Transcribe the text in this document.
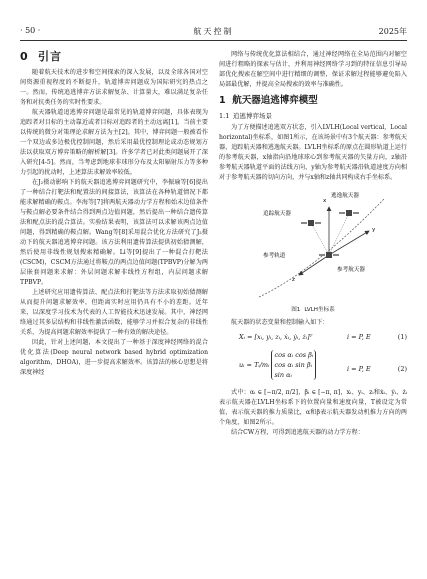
· 50 ·	航天控制	2025年
0 引言

随着航天技术的进步和空间探索的深入发展，以及全球各国对空间资源重视程度的不断提升，轨道博弈问题成为国际研究的热点之一。然而，传统追逃博弈方法求解复杂、计算量大，难以满足复杂任务和对抗类任务的实时性要求。

航天器轨道追逃博弈问题是最常见的轨道博弈问题，具体表现为追踪者对目标的主动靠近或者目标对追踪者的主动远离[1]。当前主要以传统的微分对策理论求解方法为主[2]。其中，博弈问题一般被看作一个双边或多边极优控制问题，然后采用最优控制理论或动态规划方法以获取双方博弈策略的解析解[3]。许多学者已对此类问题展开了深入研究[4-5]。然而，当考虑到地球非球形分布及太阳辐射压力等多种力引起的扰动时，上述算法求解效率较低。

在J₂摄动影响下的航天器追逃博弈问题研究中，李振瑜等[6]提出了一种结合打靶法和配置法的间接算法，该算法在各种轨道情况下都能求解精确的鞍点。李海等[7]将两航天器动力学方程和始末边值条件与鞍点解必要条件结合得到两点边值问题，然后提出一种结合遗传算法和配点法的混合算法。实验结果表明，该算法可以求解该两点边值问题，得到精确的鞍点解。Wang等[8]采用混合优化方法研究了J₂摄动下的航天器追逃博弈问题。该方法利用遗传算法提供初始猜测解，然后使用非线性规划搜索精确解。Li等[9]提出了一种混合打靶法(CSCM)，CSCM方法通过将鞍点的两点边值问题(TPBVP)分解为两层嵌套问题来求解：外层问题求解非线性方程组，内层问题求解TPBVP。

上述研究应用遗传算法、配点法和打靶法等方法求取初始猜测解从而提升问题求解效率，但距离实时应用仍具有不小的差距。近年来，以深度学习技术为代表的人工智能技术迅速发展。其中，神经网络通过其多层结构和非线性激活函数，能够学习并拟合复杂的非线性关系，为提高问题求解效率提供了一种有效的解决途径。

因此，针对上述问题，本文提出了一种基于深度神经网络的混合优化算法(Deep neural network based hybrid optimization algorithm，DHOA)，进一步提高求解效率。该算法的核心思想是将深度神经

网络与传统优化算法相结合，通过神经网络在全局范围内对解空间进行粗略的探索与估计，并利用神经网络学习到的特征信息引导局部优化搜索在解空间中进行精细的调整，保证求解过程能够避免陷入局部最优解，并提高全局搜索的效率与准确性。

1 航天器追逃博弈模型
1.1 追逃博弈场景

为了方便描述追逃双方状态，引入LVLH(Local vertical，Local horizontal)坐标系，如图1所示，在该场景中有3个航天器：参考航天器、追踪航天器和逃逸航天器。LVLH坐标系的原点在圆形轨道上运行的参考航天器，x轴指向沿地球球心到参考航天器的矢量方向，z轴沿参考航天器轨道平面的法线方向，y轴为参考航天器沿轨道速度方向相对于参考航天器的切向方向，并与x轴和z轴共同构成右手坐标系。

x
y
z
逃逸航天器
追踪航天器
参考航天器
参考轨道
图1 LVLH坐标系

航天器的状态变量和控制输入如下：

Xᵢ = [xᵢ, yᵢ, zᵢ, ẋᵢ, ẏᵢ, żᵢ]ᵀ	i = P, E	(1)
uᵢ = Tᵢ/mᵢ cos αᵢ cos βᵢ
cos αᵢ sin βᵢ
sin αᵢ
i = P, E	(2)

式中：αᵢ ∈ [−π/2, π/2]，βᵢ ∈ [−π, π]，xᵢ、yᵢ、zᵢ和ẋᵢ、ẏᵢ、żᵢ表示航天器在LVLH坐标系下的位置向量和速度向量，T被设定为常值，表示航天器的推力质量比，α和β表示航天器发动机推力方向的两个角度，如图2所示。

结合CW方程，可得到追逃航天器的动力学方程：
